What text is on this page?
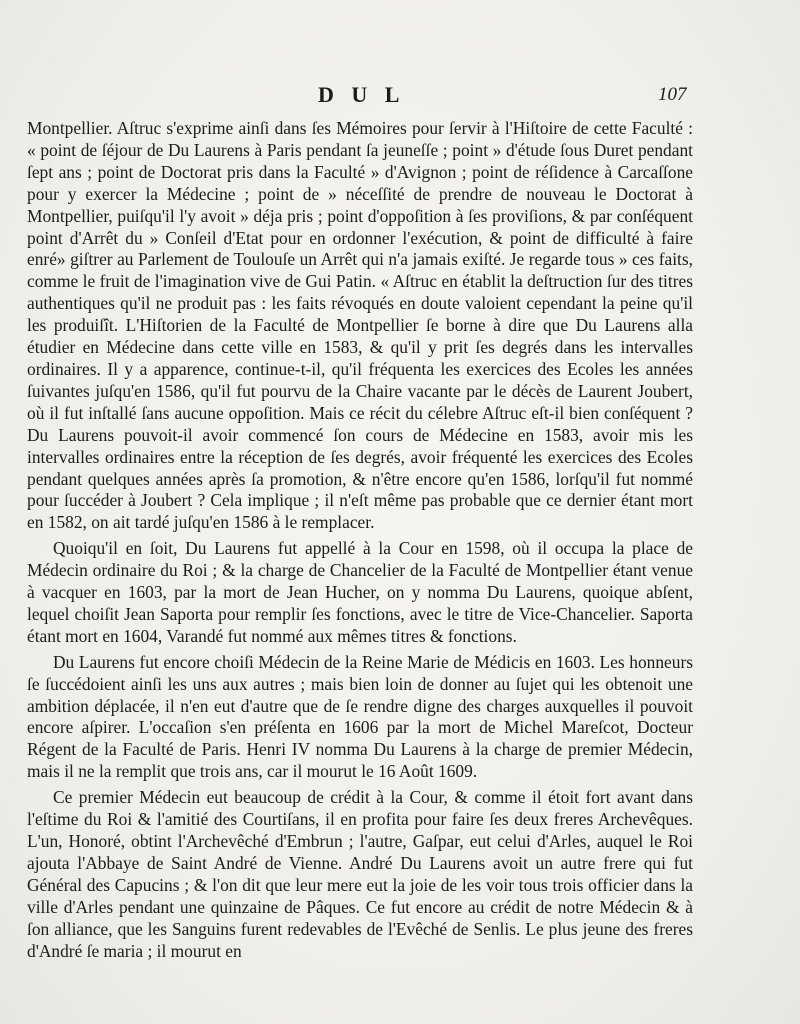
D U L	107

Montpellier. Aſtruc s'exprime ainſi dans ſes Mémoires pour ſervir à l'Hiſtoire de cette Faculté : « point de ſéjour de Du Laurens à Paris pendant ſa jeuneſſe ; point » d'étude ſous Duret pendant ſept ans ; point de Doctorat pris dans la Faculté » d'Avignon ; point de réſidence à Carcaſſone pour y exercer la Médecine ; point de » néceſſité de prendre de nouveau le Doctorat à Montpellier, puiſqu'il l'y avoit » déja pris ; point d'oppoſition à ſes proviſions, & par conſéquent point d'Arrêt du » Conſeil d'Etat pour en ordonner l'exécution, & point de difficulté à faire enré» giſtrer au Parlement de Toulouſe un Arrêt qui n'a jamais exiſté. Je regarde tous » ces faits, comme le fruit de l'imagination vive de Gui Patin. « Aſtruc en établit la deſtruction ſur des titres authentiques qu'il ne produit pas : les faits révoqués en doute valoient cependant la peine qu'il les produiſît. L'Hiſtorien de la Faculté de Montpellier ſe borne à dire que Du Laurens alla étudier en Médecine dans cette ville en 1583, & qu'il y prit ſes degrés dans les intervalles ordinaires. Il y a apparence, continue-t-il, qu'il fréquenta les exercices des Ecoles les années ſuivantes juſqu'en 1586, qu'il fut pourvu de la Chaire vacante par le décès de Laurent Joubert, où il fut inſtallé ſans aucune oppoſition. Mais ce récit du célebre Aſtruc eſt-il bien conſéquent ? Du Laurens pouvoit-il avoir commencé ſon cours de Médecine en 1583, avoir mis les intervalles ordinaires entre la réception de ſes degrés, avoir fréquenté les exercices des Ecoles pendant quelques années après ſa promotion, & n'être encore qu'en 1586, lorſqu'il fut nommé pour ſuccéder à Joubert ? Cela implique ; il n'eſt même pas probable que ce dernier étant mort en 1582, on ait tardé juſqu'en 1586 à le remplacer.

Quoiqu'il en ſoit, Du Laurens fut appellé à la Cour en 1598, où il occupa la place de Médecin ordinaire du Roi ; & la charge de Chancelier de la Faculté de Montpellier étant venue à vacquer en 1603, par la mort de Jean Hucher, on y nomma Du Laurens, quoique abſent, lequel choiſit Jean Saporta pour remplir ſes fonctions, avec le titre de Vice-Chancelier. Saporta étant mort en 1604, Varandé fut nommé aux mêmes titres & fonctions.

Du Laurens fut encore choiſi Médecin de la Reine Marie de Médicis en 1603. Les honneurs ſe ſuccédoient ainſi les uns aux autres ; mais bien loin de donner au ſujet qui les obtenoit une ambition déplacée, il n'en eut d'autre que de ſe rendre digne des charges auxquelles il pouvoit encore aſpirer. L'occaſion s'en préſenta en 1606 par la mort de Michel Mareſcot, Docteur Régent de la Faculté de Paris. Henri IV nomma Du Laurens à la charge de premier Médecin, mais il ne la remplit que trois ans, car il mourut le 16 Août 1609.

Ce premier Médecin eut beaucoup de crédit à la Cour, & comme il étoit fort avant dans l'eſtime du Roi & l'amitié des Courtiſans, il en profita pour faire ſes deux freres Archevêques. L'un, Honoré, obtint l'Archevêché d'Embrun ; l'autre, Gaſpar, eut celui d'Arles, auquel le Roi ajouta l'Abbaye de Saint André de Vienne. André Du Laurens avoit un autre frere qui fut Général des Capucins ; & l'on dit que leur mere eut la joie de les voir tous trois officier dans la ville d'Arles pendant une quinzaine de Pâques. Ce fut encore au crédit de notre Médecin & à ſon alliance, que les Sanguins furent redevables de l'Evêché de Senlis. Le plus jeune des freres d'André ſe maria ; il mourut en
